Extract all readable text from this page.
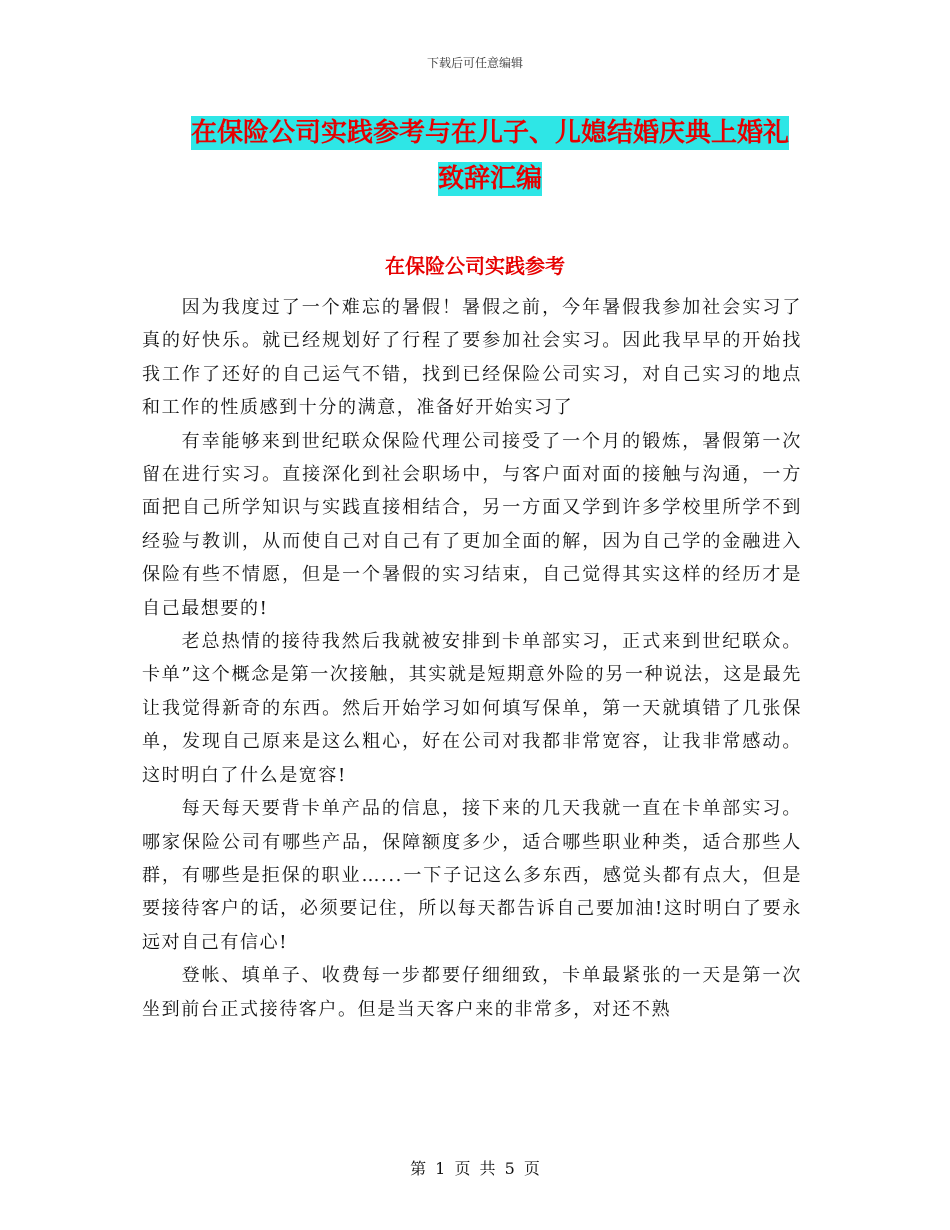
下载后可任意编辑
在保险公司实践参考与在儿子、儿媳结婚庆典上婚礼
致辞汇编
在保险公司实践参考

因为我度过了一个难忘的暑假！暑假之前，今年暑假我参加社会实习了真的好快乐。就已经规划好了行程了要参加社会实习。因此我早早的开始找我工作了还好的自己运气不错，找到已经保险公司实习，对自己实习的地点和工作的性质感到十分的满意，准备好开始实习了

有幸能够来到世纪联众保险代理公司接受了一个月的锻炼，暑假第一次留在进行实习。直接深化到社会职场中，与客户面对面的接触与沟通，一方面把自己所学知识与实践直接相结合，另一方面又学到许多学校里所学不到经验与教训，从而使自己对自己有了更加全面的解，因为自己学的金融进入保险有些不情愿，但是一个暑假的实习结束，自己觉得其实这样的经历才是自己最想要的!

老总热情的接待我然后我就被安排到卡单部实习，正式来到世纪联众。卡单”这个概念是第一次接触，其实就是短期意外险的另一种说法，这是最先让我觉得新奇的东西。然后开始学习如何填写保单，第一天就填错了几张保单，发现自己原来是这么粗心，好在公司对我都非常宽容，让我非常感动。这时明白了什么是宽容!

每天每天要背卡单产品的信息，接下来的几天我就一直在卡单部实习。哪家保险公司有哪些产品，保障额度多少，适合哪些职业种类，适合那些人群，有哪些是拒保的职业…...一下子记这么多东西，感觉头都有点大，但是要接待客户的话，必须要记住，所以每天都告诉自己要加油!这时明白了要永远对自己有信心!

登帐、填单子、收费每一步都要仔细细致，卡单最紧张的一天是第一次坐到前台正式接待客户。但是当天客户来的非常多，对还不熟

第 1 页 共 5 页
